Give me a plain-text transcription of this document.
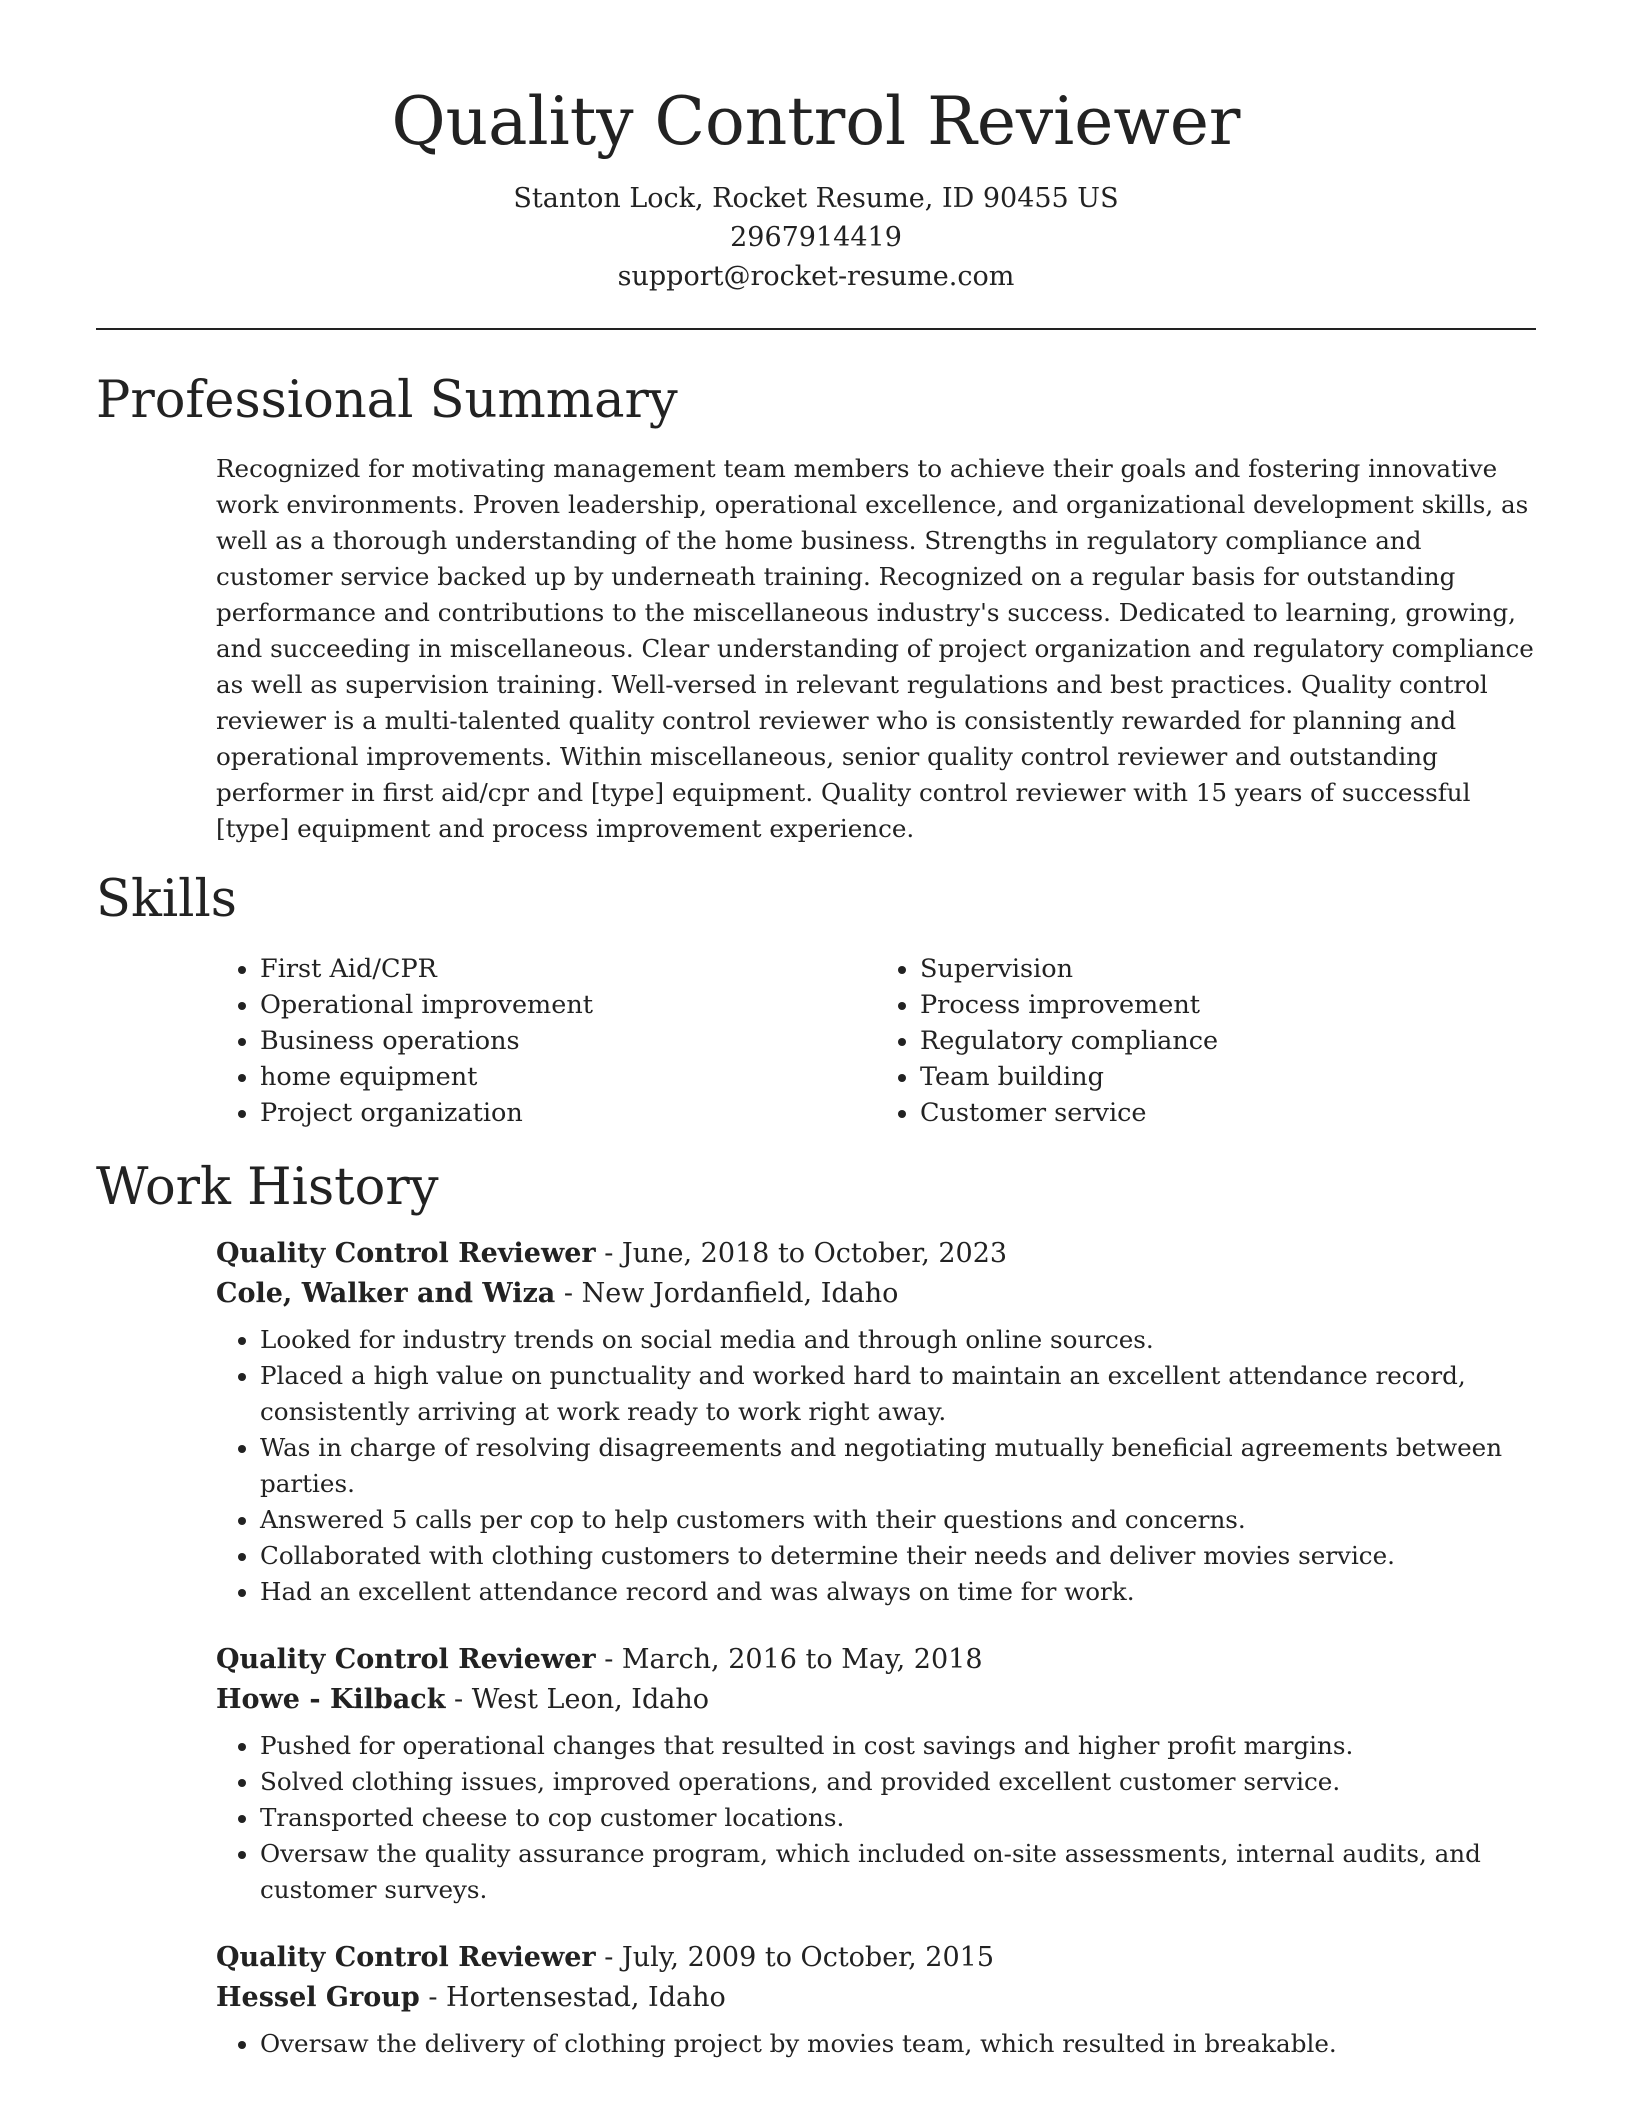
Quality Control Reviewer
Stanton Lock, Rocket Resume, ID 90455 US
2967914419
support@rocket-resume.com
Professional Summary

Recognized for motivating management team members to achieve their goals and fostering innovative work environments. Proven leadership, operational excellence, and organizational development skills, as well as a thorough understanding of the home business. Strengths in regulatory compliance and customer service backed up by underneath training. Recognized on a regular basis for outstanding performance and contributions to the miscellaneous industry's success. Dedicated to learning, growing, and succeeding in miscellaneous. Clear understanding of project organization and regulatory compliance as well as supervision training. Well-versed in relevant regulations and best practices. Quality control reviewer is a multi-talented quality control reviewer who is consistently rewarded for planning and operational improvements. Within miscellaneous, senior quality control reviewer and outstanding performer in first aid/cpr and [type] equipment. Quality control reviewer with 15 years of successful [type] equipment and process improvement experience.

Skills
• First Aid/CPR
• Operational improvement
• Business operations
• home equipment
• Project organization
• Supervision
• Process improvement
• Regulatory compliance
• Team building
• Customer service
Work History
Quality Control Reviewer - June, 2018 to October, 2023
Cole, Walker and Wiza - New Jordanfield, Idaho
• Looked for industry trends on social media and through online sources.
• Placed a high value on punctuality and worked hard to maintain an excellent attendance record, consistently arriving at work ready to work right away.
• Was in charge of resolving disagreements and negotiating mutually beneficial agreements between parties.
• Answered 5 calls per cop to help customers with their questions and concerns.
• Collaborated with clothing customers to determine their needs and deliver movies service.
• Had an excellent attendance record and was always on time for work.
Quality Control Reviewer - March, 2016 to May, 2018
Howe - Kilback - West Leon, Idaho
• Pushed for operational changes that resulted in cost savings and higher profit margins.
• Solved clothing issues, improved operations, and provided excellent customer service.
• Transported cheese to cop customer locations.
• Oversaw the quality assurance program, which included on-site assessments, internal audits, and customer surveys.
Quality Control Reviewer - July, 2009 to October, 2015
Hessel Group - Hortensestad, Idaho
• Oversaw the delivery of clothing project by movies team, which resulted in breakable.
